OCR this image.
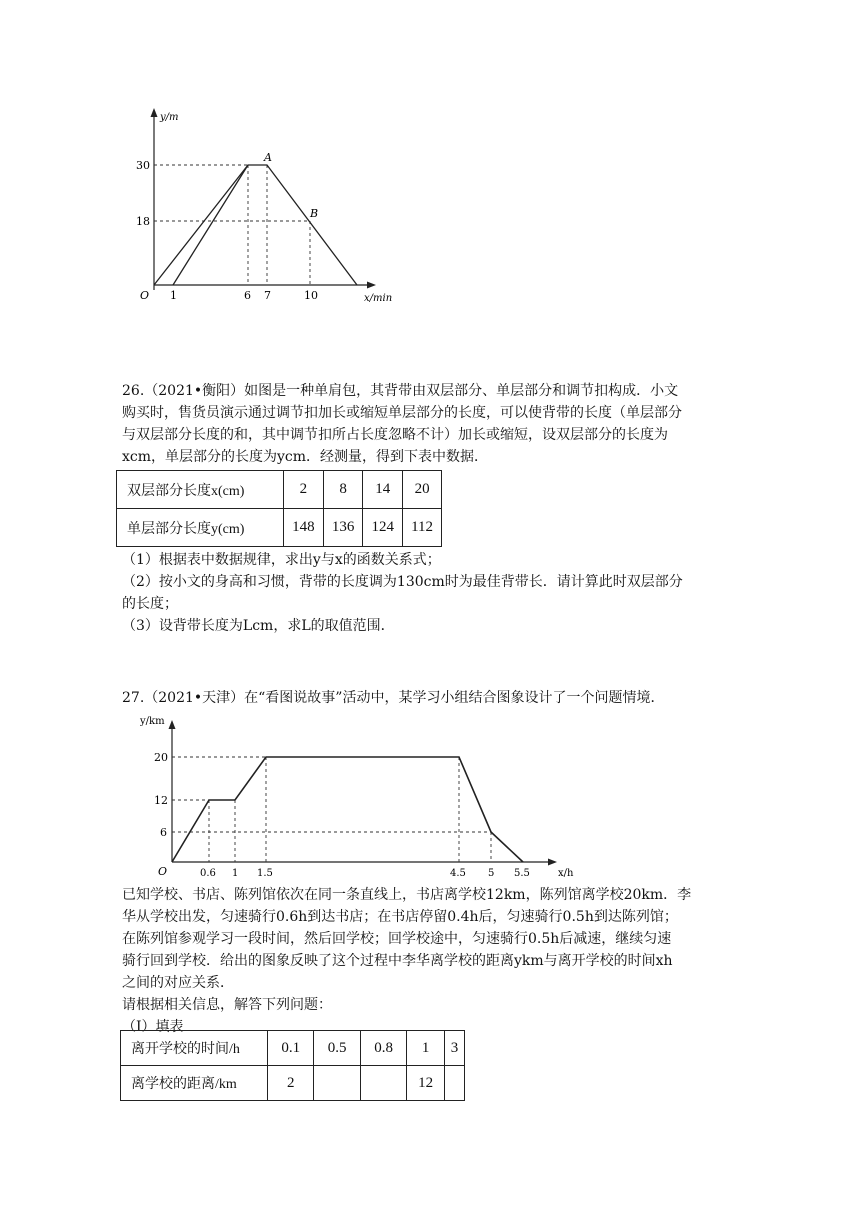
y/m
O
30
18
1	6 7	10	x/min
A
B
26.（2021•衡阳）如图是一种单肩包，其背带由双层部分、单层部分和调节扣构成．小文
购买时，售货员演示通过调节扣加长或缩短单层部分的长度，可以使背带的长度（单层部分
与双层部分长度的和，其中调节扣所占长度忽略不计）加长或缩短，设双层部分的长度为
xcm，单层部分的长度为ycm．经测量，得到下表中数据．
双层部分长度x(cm)	2	8	14	20
单层部分长度y(cm)	148	136	124	112
（1）根据表中数据规律，求出y与x的函数关系式；
（2）按小文的身高和习惯，背带的长度调为130cm时为最佳背带长．请计算此时双层部分
的长度；
（3）设背带长度为Lcm，求L的取值范围．
27.（2021•天津）在“看图说故事”活动中，某学习小组结合图象设计了一个问题情境．
y/km
O
20
12
6
0.6 1 1.5	4.5 5 5.5	x/h
已知学校、书店、陈列馆依次在同一条直线上，书店离学校12km，陈列馆离学校20km．李
华从学校出发，匀速骑行0.6h到达书店；在书店停留0.4h后，匀速骑行0.5h到达陈列馆；
在陈列馆参观学习一段时间，然后回学校；回学校途中，匀速骑行0.5h后减速，继续匀速
骑行回到学校．给出的图象反映了这个过程中李华离学校的距离ykm与离开学校的时间xh
之间的对应关系．
请根据相关信息，解答下列问题：
（Ⅰ）填表
离开学校的时间/h	0.1	0.5	0.8	1	3
离学校的距离/km	2			12	
